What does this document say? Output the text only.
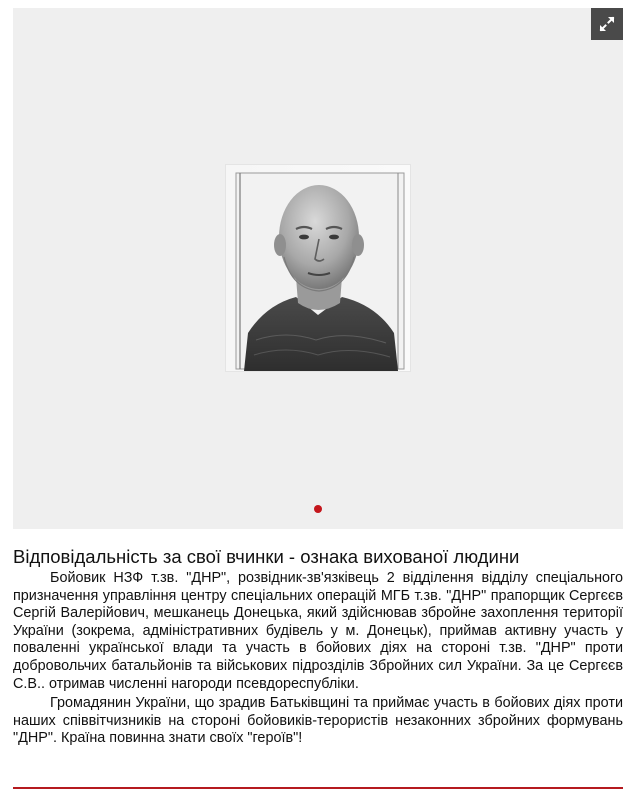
Відповідальність за свої вчинки - ознака вихованої людини

Бойовик НЗФ т.зв. "ДНР", розвідник-зв'язківець 2 відділення відділу спеціального призначення управління центру спеціальних операцій МГБ т.зв. "ДНР" прапорщик Сергєєв Сергій Валерійович, мешканець Донецька, який здійснював збройне захоплення території України (зокрема, адміністративних будівель у м. Донецьк), приймав активну участь у поваленні української влади та участь в бойових діях на стороні т.зв. "ДНР" проти добровольчих батальйонів та військових підрозділів Збройних сил України. За це Сергєєв С.В.. отримав численні нагороди псевдореспубліки.

Громадянин України, що зрадив Батьківщині та приймає участь в бойових діях проти наших співвітчизників на стороні бойовиків-терористів незаконних збройних формувань "ДНР". Країна повинна знати своїх "героїв"!
